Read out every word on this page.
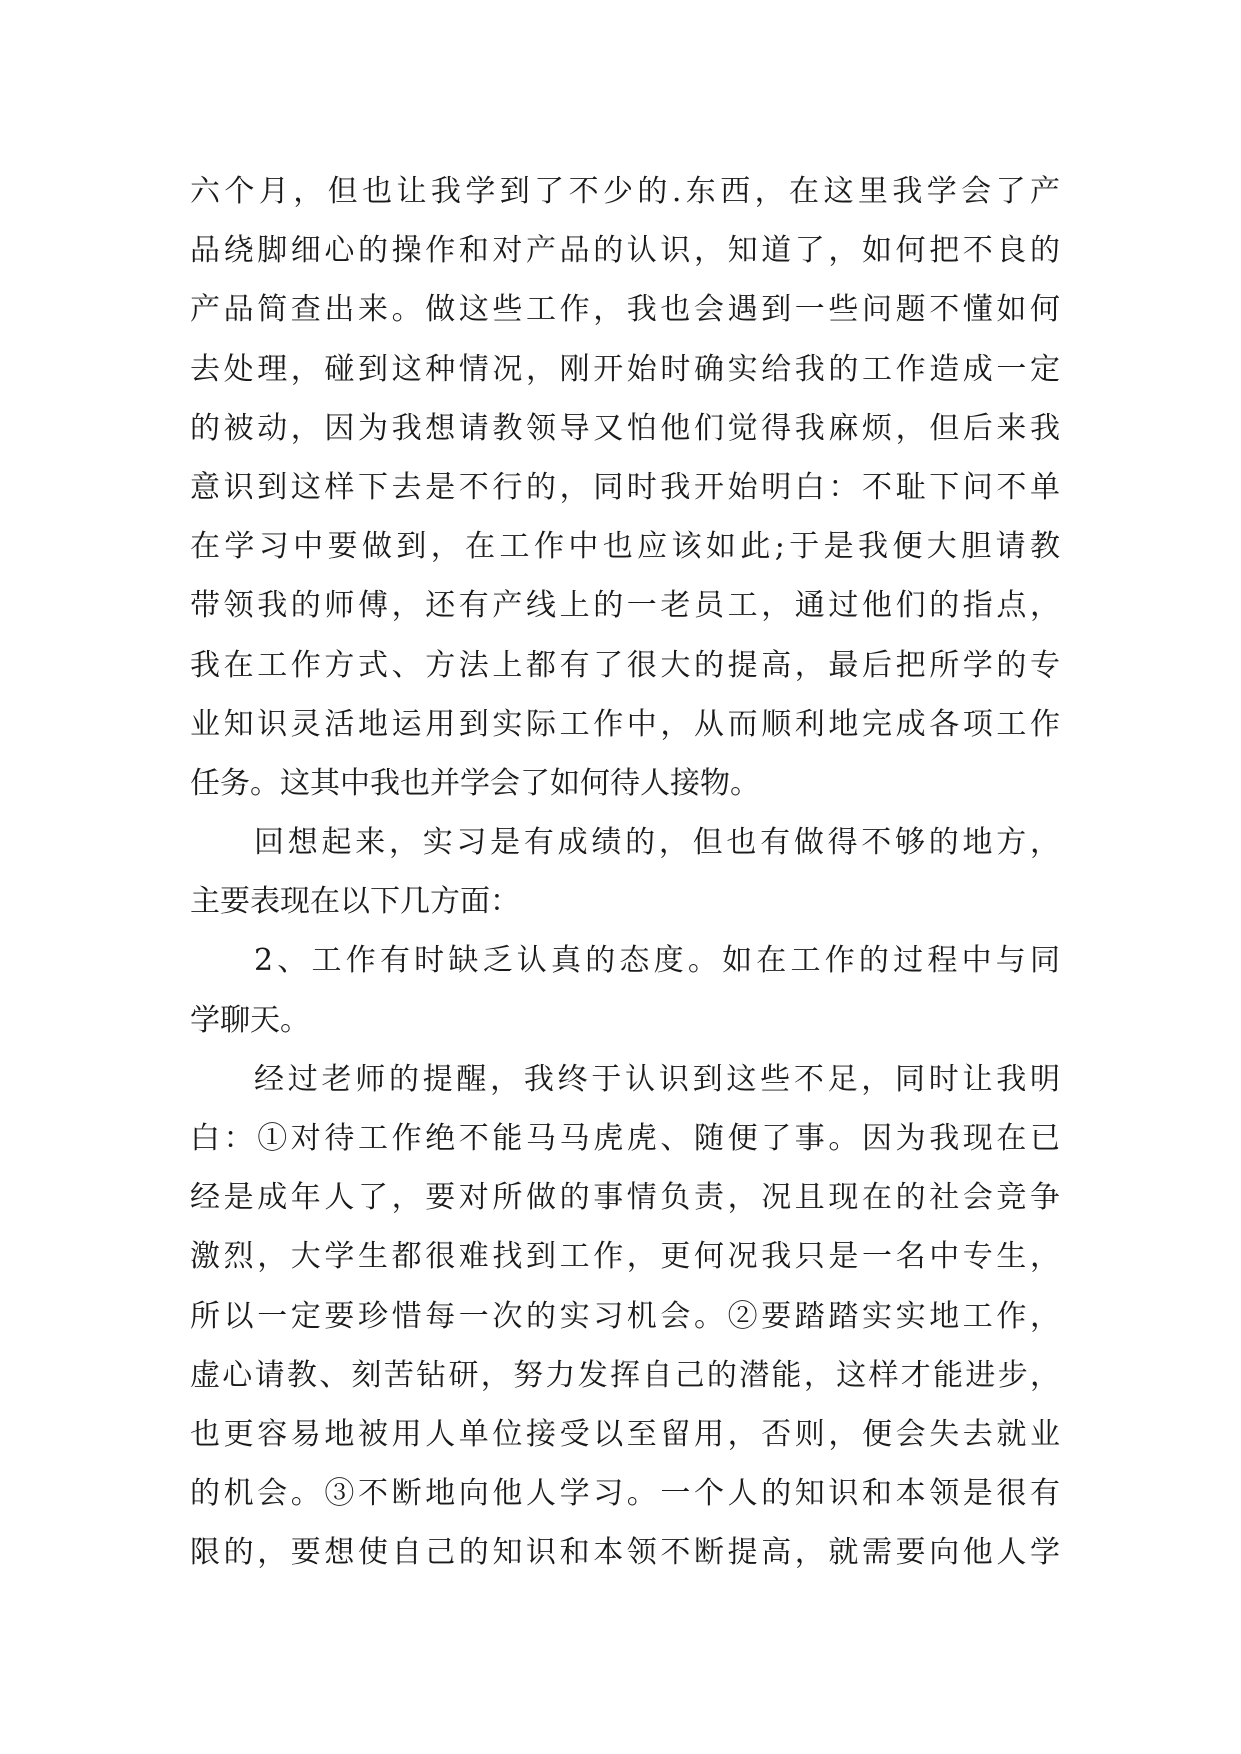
六个月，但也让我学到了不少的.东西，在这里我学会了产
品绕脚细心的操作和对产品的认识，知道了，如何把不良的
产品简查出来。做这些工作，我也会遇到一些问题不懂如何
去处理，碰到这种情况，刚开始时确实给我的工作造成一定
的被动，因为我想请教领导又怕他们觉得我麻烦，但后来我
意识到这样下去是不行的，同时我开始明白：不耻下问不单
在学习中要做到，在工作中也应该如此;于是我便大胆请教
带领我的师傅，还有产线上的一老员工，通过他们的指点，
我在工作方式、方法上都有了很大的提高，最后把所学的专
业知识灵活地运用到实际工作中，从而顺利地完成各项工作
任务。这其中我也并学会了如何待人接物。
回想起来，实习是有成绩的，但也有做得不够的地方，
主要表现在以下几方面：
2、工作有时缺乏认真的态度。如在工作的过程中与同
学聊天。
经过老师的提醒，我终于认识到这些不足，同时让我明
白：①对待工作绝不能马马虎虎、随便了事。因为我现在已
经是成年人了，要对所做的事情负责，况且现在的社会竞争
激烈，大学生都很难找到工作，更何况我只是一名中专生，
所以一定要珍惜每一次的实习机会。②要踏踏实实地工作，
虚心请教、刻苦钻研，努力发挥自己的潜能，这样才能进步，
也更容易地被用人单位接受以至留用，否则，便会失去就业
的机会。③不断地向他人学习。一个人的知识和本领是很有
限的，要想使自己的知识和本领不断提高，就需要向他人学
